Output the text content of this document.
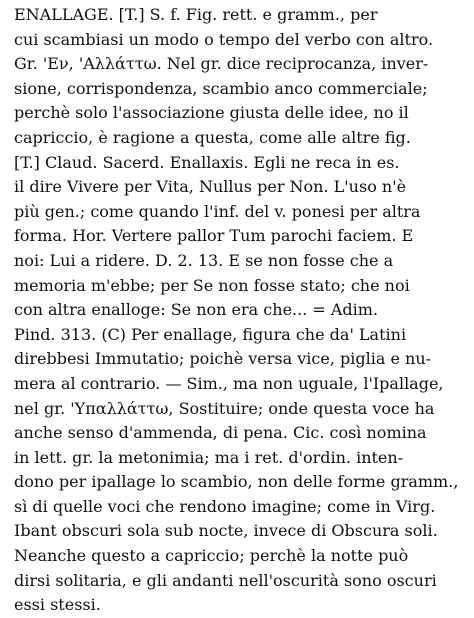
ENALLAGE. [T.] S. f. Fig. rett. e gramm., per
cui scambiasi un modo o tempo del verbo con altro.
Gr. 'Eν, 'Aλλάττω. Nel gr. dice reciprocanza, inver-
sione, corrispondenza, scambio anco commerciale;
perchè solo l'associazione giusta delle idee, no il
capriccio, è ragione a questa, come alle altre fig.
[T.] Claud. Sacerd. Enallaxis. Egli ne reca in es.
il dire Vivere per Vita, Nullus per Non. L'uso n'è
più gen.; come quando l'inf. del v. ponesi per altra
forma. Hor. Vertere pallor Tum parochi faciem. E
noi: Lui a ridere. D. 2. 13. E se non fosse che a
memoria m'ebbe; per Se non fosse stato; che noi
con altra enalloge: Se non era che... = Adim.
Pind. 313. (C) Per enallage, figura che da' Latini
direbbesi Immutatio; poichè versa vice, piglia e nu-
mera al contrario. — Sim., ma non uguale, l'Ipallage,
nel gr. 'Yπαλλάττω, Sostituire; onde questa voce ha
anche senso d'ammenda, di pena. Cic. così nomina
in lett. gr. la metonimia; ma i ret. d'ordin. inten-
dono per ipallage lo scambio, non delle forme gramm.,
sì di quelle voci che rendono imagine; come in Virg.
Ibant obscuri sola sub nocte, invece di Obscura soli.
Neanche questo a capriccio; perchè la notte può
dirsi solitaria, e gli andanti nell'oscurità sono oscuri
essi stessi.
